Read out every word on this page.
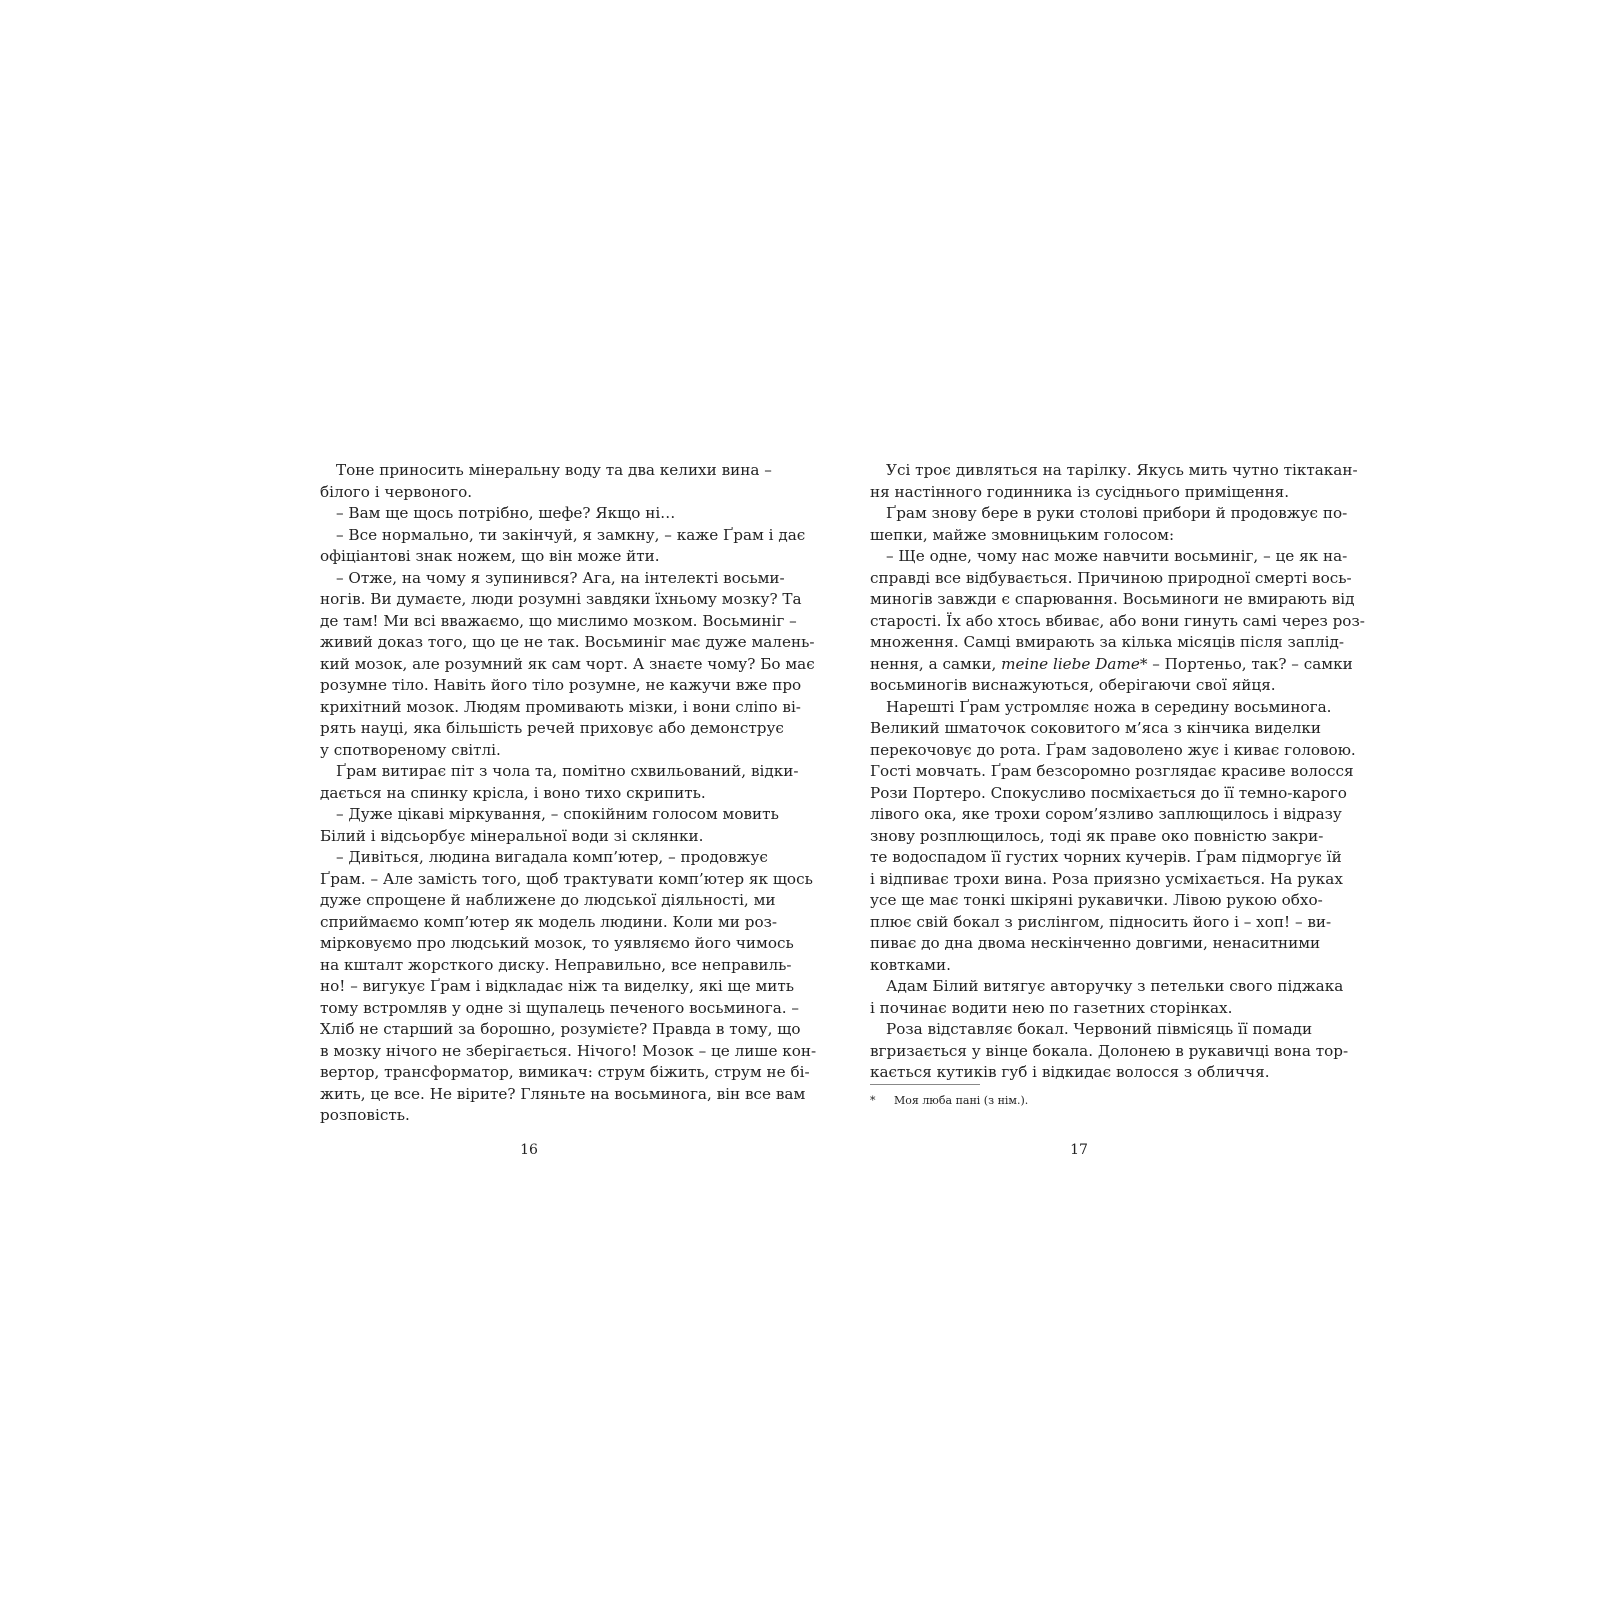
Тоне приносить мінеральну воду та два келихи вина –
білого і червоного.
– Вам ще щось потрібно, шефе? Якщо ні…
– Все нормально, ти закінчуй, я замкну, – каже Ґрам і дає
офіціантові знак ножем, що він може йти.
– Отже, на чому я зупинився? Ага, на інтелекті восьми-
ногів. Ви думаєте, люди розумні завдяки їхньому мозку? Та
де там! Ми всі вважаємо, що мислимо мозком. Восьминіг –
живий доказ того, що це не так. Восьминіг має дуже малень-
кий мозок, але розумний як сам чорт. А знаєте чому? Бо має
розумне тіло. Навіть його тіло розумне, не кажучи вже про
крихітний мозок. Людям промивають мізки, і вони сліпо ві-
рять науці, яка більшість речей приховує або демонструє
у спотвореному світлі.
Ґрам витирає піт з чола та, помітно схвильований, відки-
дається на спинку крісла, і воно тихо скрипить.
– Дуже цікаві міркування, – спокійним голосом мовить
Білий і відсьорбує мінеральної води зі склянки.
– Дивіться, людина вигадала комп’ютер, – продовжує
Ґрам. – Але замість того, щоб трактувати комп’ютер як щось
дуже спрощене й наближене до людської діяльності, ми
сприймаємо комп’ютер як модель людини. Коли ми роз-
мірковуємо про людський мозок, то уявляємо його чимось
на кшталт жорсткого диску. Неправильно, все неправиль-
но! – вигукує Ґрам і відкладає ніж та виделку, які ще мить
тому встромляв у одне зі щупалець печеного восьминога. –
Хліб не старший за борошно, розумієте? Правда в тому, що
в мозку нічого не зберігається. Нічого! Мозок – це лише кон-
вертор, трансформатор, вимикач: струм біжить, струм не бі-
жить, це все. Не вірите? Гляньте на восьминога, він все вам
розповість.
Усі троє дивляться на тарілку. Якусь мить чутно тіктакан-
ня настінного годинника із сусіднього приміщення.
Ґрам знову бере в руки столові прибори й продовжує по-
шепки, майже змовницьким голосом:
– Ще одне, чому нас може навчити восьминіг, – це як на-
справді все відбувається. Причиною природної смерті вось-
миногів завжди є спарювання. Восьминоги не вмирають від
старості. Їх або хтось вбиває, або вони гинуть самі через роз-
множення. Самці вмирають за кілька місяців після заплід-
нення, а самки, meine liebe Dame* – Портеньо, так? – самки
восьминогів виснажуються, оберігаючи свої яйця.
Нарешті Ґрам устромляє ножа в середину восьминога.
Великий шматочок соковитого м’яса з кінчика виделки
перекочовує до рота. Ґрам задоволено жує і киває головою.
Гості мовчать. Ґрам безсоромно розглядає красиве волосся
Рози Портеро. Спокусливо посміхається до її темно-карого
лівого ока, яке трохи сором’язливо заплющилось і відразу
знову розплющилось, тоді як праве око повністю закри-
те водоспадом її густих чорних кучерів. Ґрам підморгує їй
і відпиває трохи вина. Роза приязно усміхається. На руках
усе ще має тонкі шкіряні рукавички. Лівою рукою обхо-
плює свій бокал з рислінгом, підносить його і – хоп! – ви-
пиває до дна двома нескінченно довгими, ненаситними
ковтками.
Адам Білий витягує авторучку з петельки свого піджака
і починає водити нею по газетних сторінках.
Роза відставляє бокал. Червоний півмісяць її помади
вгризається у вінце бокала. Долонею в рукавичці вона тор-
кається кутиків губ і відкидає волосся з обличчя.
16	17
* Моя люба пані (з нім.).
